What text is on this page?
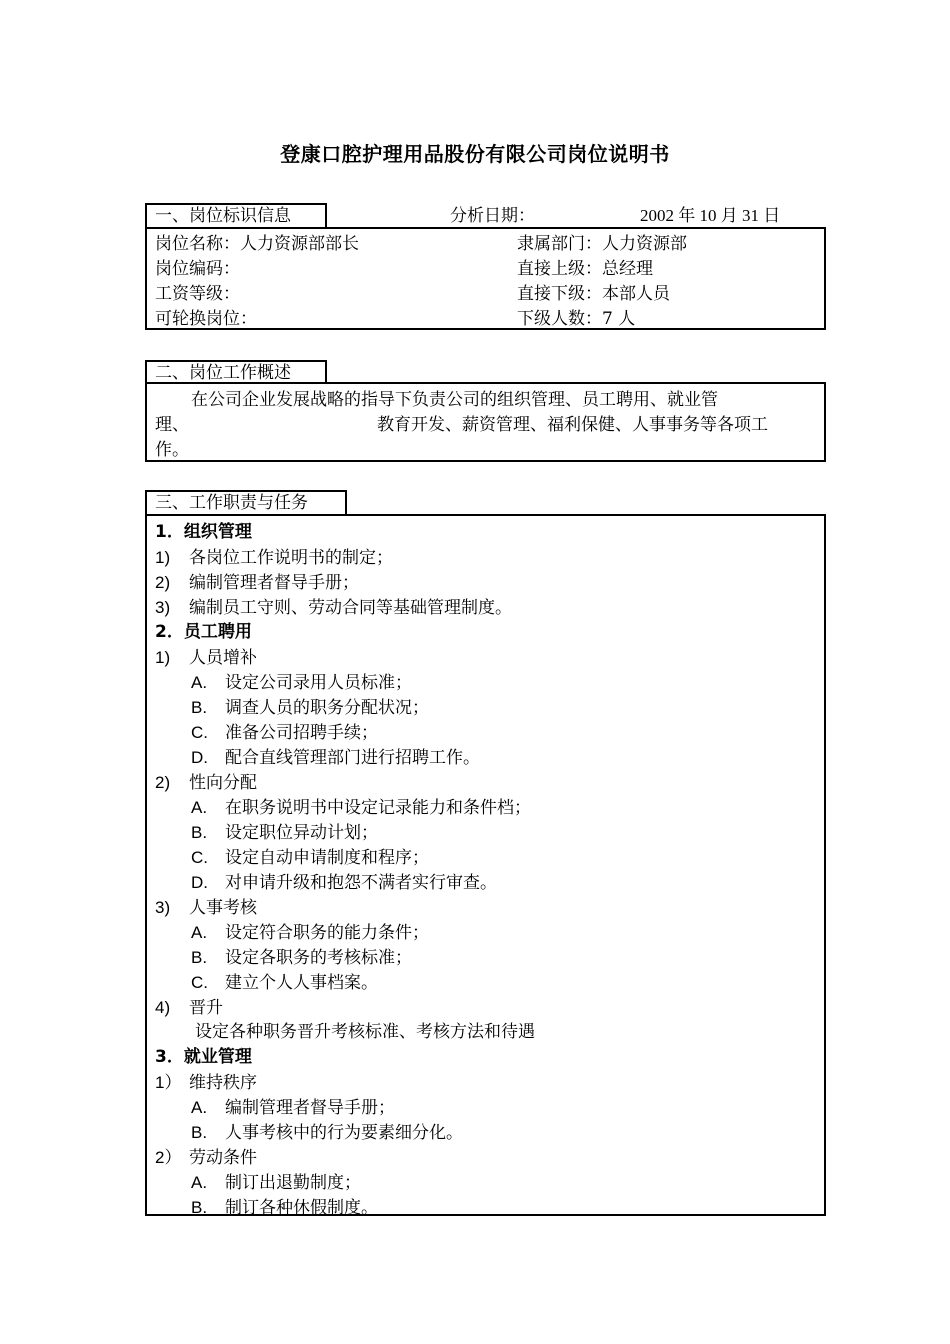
登康口腔护理用品股份有限公司岗位说明书
一、岗位标识信息	分析日期：	2002 年 10 月 31 日
岗位名称：人力资源部部长	隶属部门：人力资源部
岗位编码：	直接上级：总经理
工资等级：	直接下级：本部人员
可轮换岗位：	下级人数：7 人
二、岗位工作概述
在公司企业发展战略的指导下负责公司的组织管理、员工聘用、就业管
理、	教育开发、薪资管理、福利保健、人事事务等各项工
作。
三、工作职责与任务
1．组织管理
1) 各岗位工作说明书的制定；
2) 编制管理者督导手册；
3) 编制员工守则、劳动合同等基础管理制度。
2．员工聘用
1) 人员增补
A. 设定公司录用人员标准；
B. 调查人员的职务分配状况；
C. 准备公司招聘手续；
D. 配合直线管理部门进行招聘工作。
2) 性向分配
A. 在职务说明书中设定记录能力和条件档；
B. 设定职位异动计划；
C. 设定自动申请制度和程序；
D. 对申请升级和抱怨不满者实行审查。
3) 人事考核
A. 设定符合职务的能力条件；
B. 设定各职务的考核标准；
C. 建立个人人事档案。
4) 晋升
设定各种职务晋升考核标准、考核方法和待遇
3．就业管理
1） 维持秩序
A. 编制管理者督导手册；
B. 人事考核中的行为要素细分化。
2） 劳动条件
A. 制订出退勤制度；
B. 制订各种休假制度。
